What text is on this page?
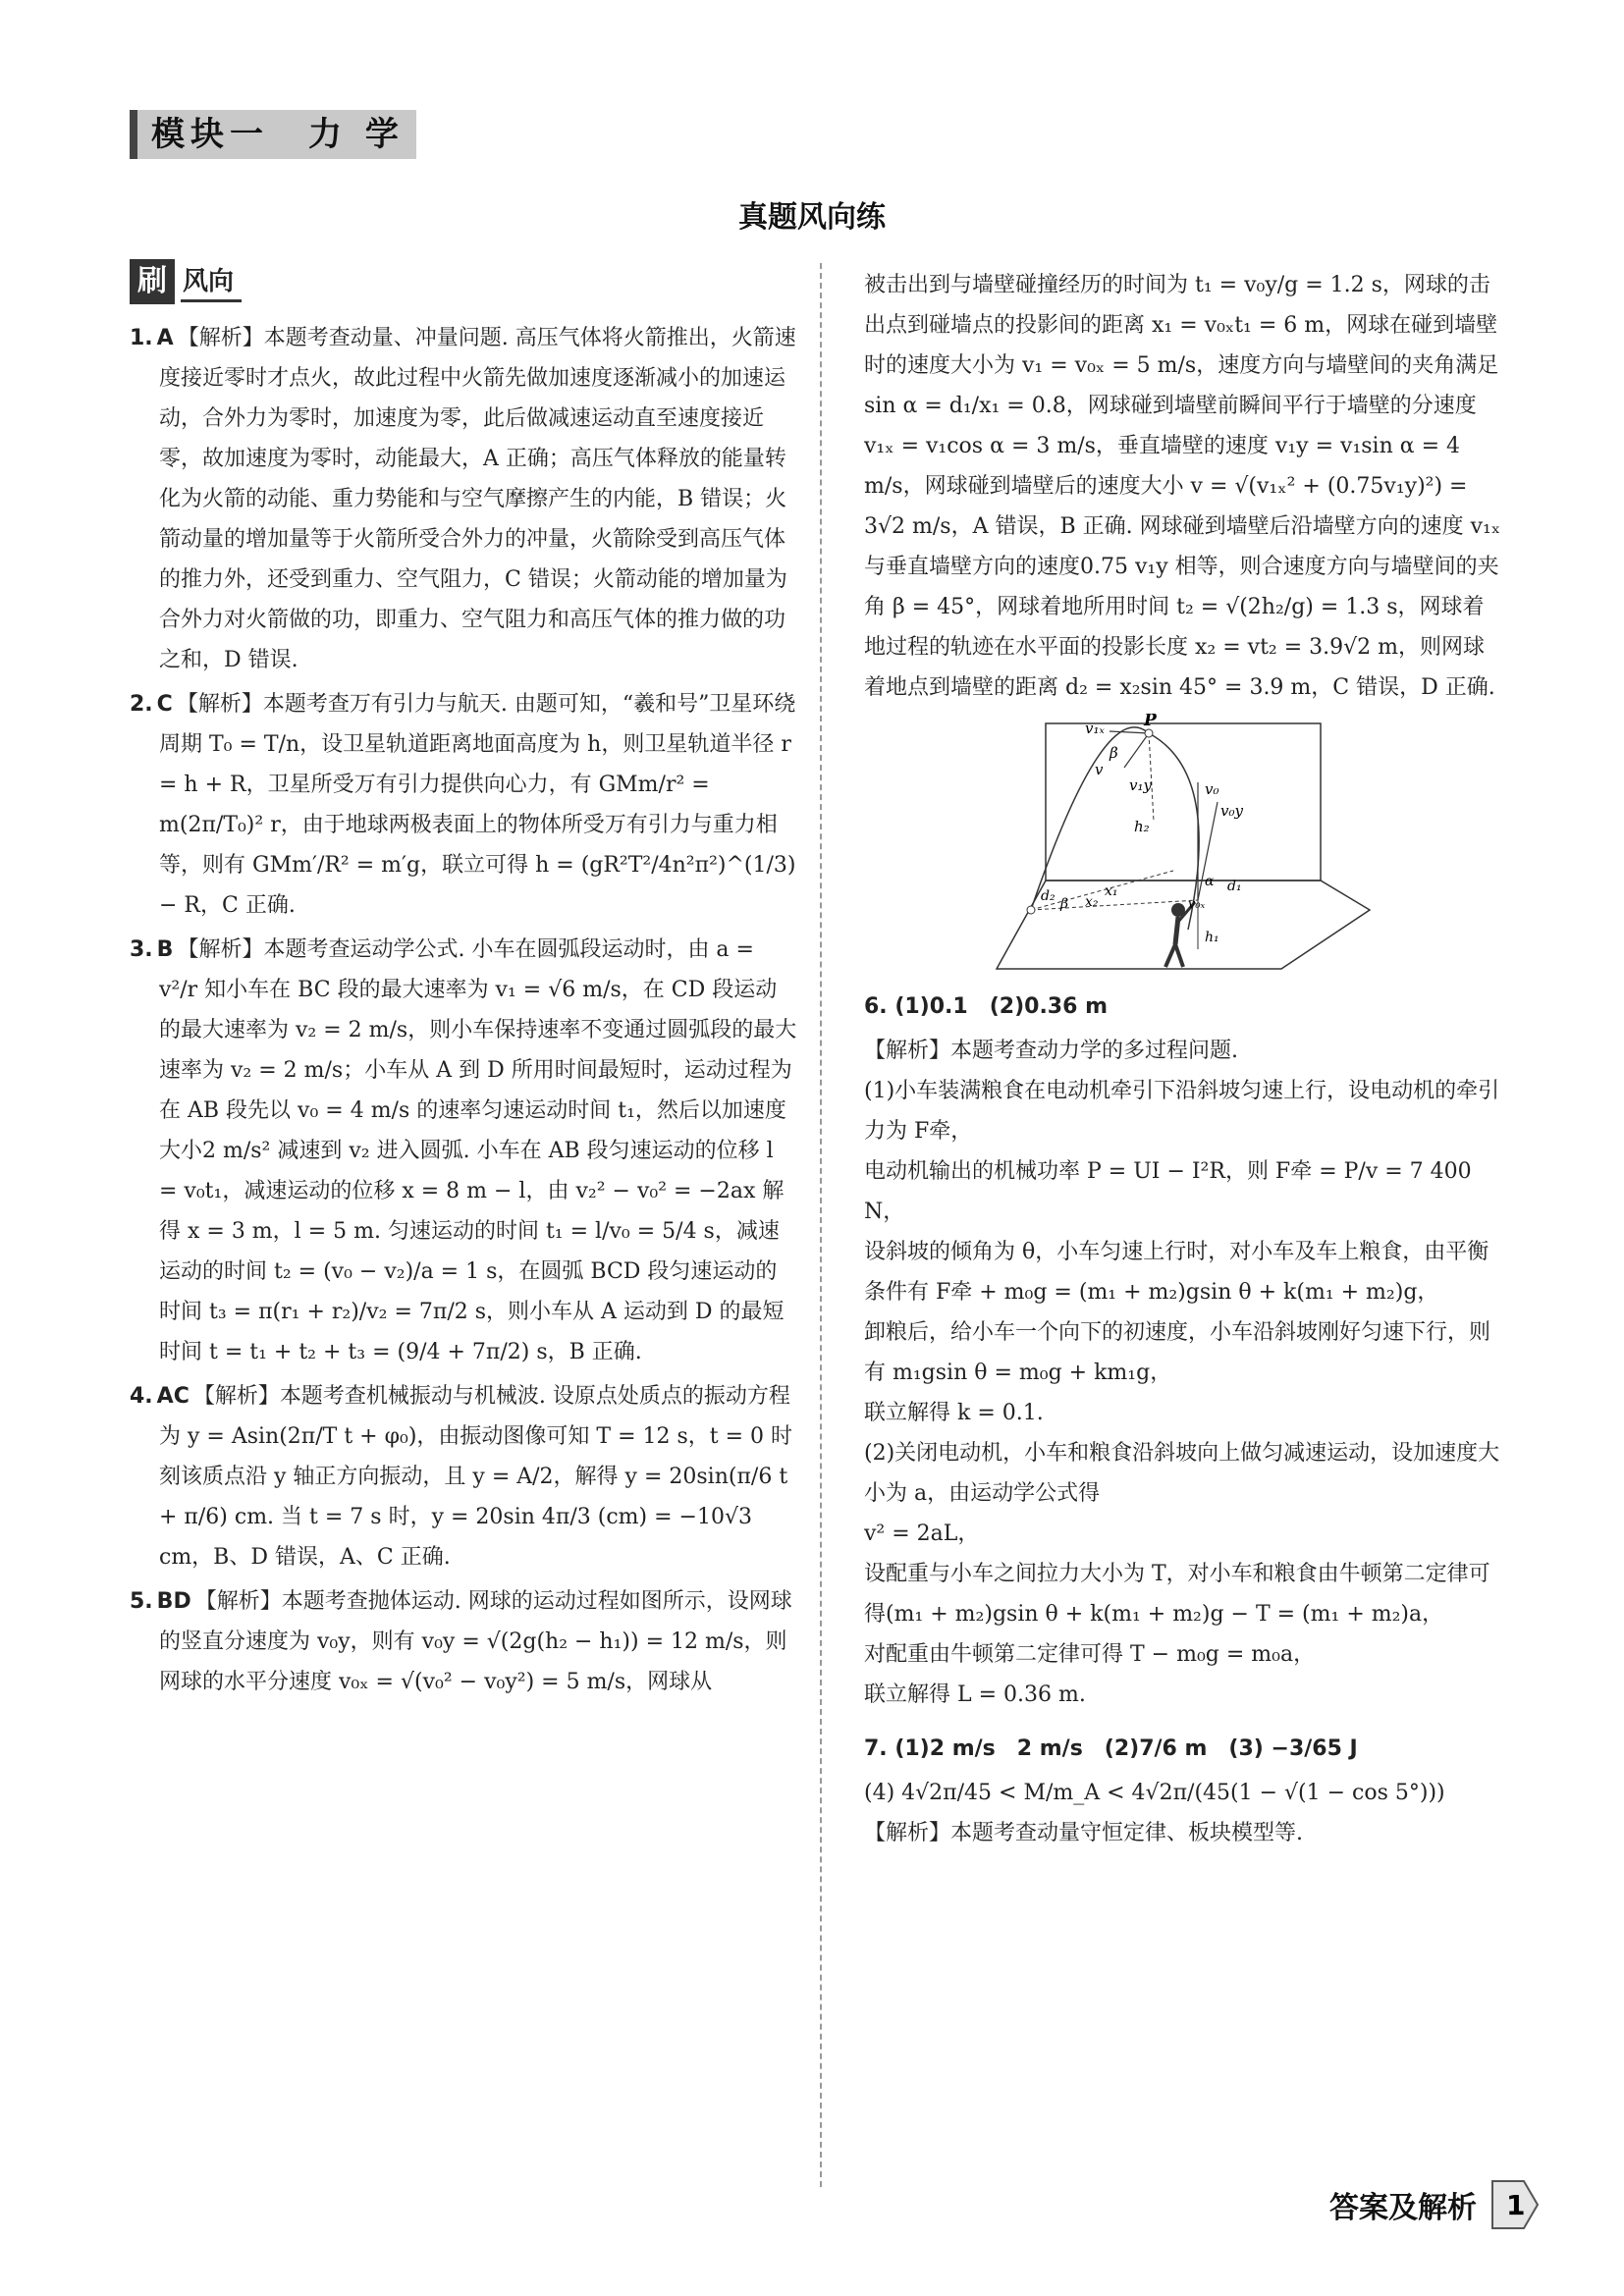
模块一　力 学
真题风向练
刷 风向
1. A 【解析】本题考查动量、冲量问题. 高压气体将火箭推出，火箭速度接近零时才点火，故此过程中火箭先做加速度逐渐减小的加速运动，合外力为零时，加速度为零，此后做减速运动直至速度接近零，故加速度为零时，动能最大，A 正确；高压气体释放的能量转化为火箭的动能、重力势能和与空气摩擦产生的内能，B 错误；火箭动量的增加量等于火箭所受合外力的冲量，火箭除受到高压气体的推力外，还受到重力、空气阻力，C 错误；火箭动能的增加量为合外力对火箭做的功，即重力、空气阻力和高压气体的推力做的功之和，D 错误.
2. C 【解析】本题考查万有引力与航天. 由题可知，“羲和号”卫星环绕周期 T₀ = T/n，设卫星轨道距离地面高度为 h，则卫星轨道半径 r = h + R，卫星所受万有引力提供向心力，有 GMm/r² = m(2π/T₀)² r，由于地球两极表面上的物体所受万有引力与重力相等，则有 GMm′/R² = m′g，联立可得 h = (gR²T²/4n²π²)^(1/3) − R，C 正确.
3. B 【解析】本题考查运动学公式. 小车在圆弧段运动时，由 a = v²/r 知小车在 BC 段的最大速率为 v₁ = √6 m/s，在 CD 段运动的最大速率为 v₂ = 2 m/s，则小车保持速率不变通过圆弧段的最大速率为 v₂ = 2 m/s；小车从 A 到 D 所用时间最短时，运动过程为在 AB 段先以 v₀ = 4 m/s 的速率匀速运动时间 t₁，然后以加速度大小2 m/s² 减速到 v₂ 进入圆弧. 小车在 AB 段匀速运动的位移 l = v₀t₁，减速运动的位移 x = 8 m − l，由 v₂² − v₀² = −2ax 解得 x = 3 m，l = 5 m. 匀速运动的时间 t₁ = l/v₀ = 5/4 s，减速运动的时间 t₂ = (v₀ − v₂)/a = 1 s，在圆弧 BCD 段匀速运动的时间 t₃ = π(r₁ + r₂)/v₂ = 7π/2 s，则小车从 A 运动到 D 的最短时间 t = t₁ + t₂ + t₃ = (9/4 + 7π/2) s，B 正确.
4. AC 【解析】本题考查机械振动与机械波. 设原点处质点的振动方程为 y = Asin(2π/T t + φ₀)，由振动图像可知 T = 12 s，t = 0 时刻该质点沿 y 轴正方向振动，且 y = A/2，解得 y = 20sin(π/6 t + π/6) cm. 当 t = 7 s 时，y = 20sin 4π/3 (cm) = −10√3 cm，B、D 错误，A、C 正确.
5. BD 【解析】本题考查抛体运动. 网球的运动过程如图所示，设网球的竖直分速度为 v₀y，则有 v₀y = √(2g(h₂ − h₁)) = 12 m/s，则网球的水平分速度 v₀ₓ = √(v₀² − v₀y²) = 5 m/s，网球从

被击出到与墙壁碰撞经历的时间为 t₁ = v₀y/g = 1.2 s，网球的击出点到碰墙点的投影间的距离 x₁ = v₀ₓt₁ = 6 m，网球在碰到墙壁时的速度大小为 v₁ = v₀ₓ = 5 m/s，速度方向与墙壁间的夹角满足 sin α = d₁/x₁ = 0.8，网球碰到墙壁前瞬间平行于墙壁的分速度 v₁ₓ = v₁cos α = 3 m/s，垂直墙壁的速度 v₁y = v₁sin α = 4 m/s，网球碰到墙壁后的速度大小 v = √(v₁ₓ² + (0.75v₁y)²) = 3√2 m/s，A 错误，B 正确. 网球碰到墙壁后沿墙壁方向的速度 v₁ₓ 与垂直墙壁方向的速度0.75 v₁y 相等，则合速度方向与墙壁间的夹角 β = 45°，网球着地所用时间 t₂ = √(2h₂/g) = 1.3 s，网球着地过程的轨迹在水平面的投影长度 x₂ = vt₂ = 3.9√2 m，则网球着地点到墙壁的距离 d₂ = x₂sin 45° = 3.9 m，C 错误，D 正确.

v₁ₓ P
β
v
v₁y	v₀
v₀y
h₂
d₂ β x₂
x₁
α d₁
v₀ₓ
h₁
6. (1)0.1　(2)0.36 m

【解析】本题考查动力学的多过程问题.

(1)小车装满粮食在电动机牵引下沿斜坡匀速上行，设电动机的牵引力为 F牵，

电动机输出的机械功率 P = UI − I²R，则 F牵 = P/v = 7 400 N，

设斜坡的倾角为 θ，小车匀速上行时，对小车及车上粮食，由平衡条件有 F牵 + m₀g = (m₁ + m₂)gsin θ + k(m₁ + m₂)g，

卸粮后，给小车一个向下的初速度，小车沿斜坡刚好匀速下行，则有 m₁gsin θ = m₀g + km₁g，

联立解得 k = 0.1.

(2)关闭电动机，小车和粮食沿斜坡向上做匀减速运动，设加速度大小为 a，由运动学公式得

v² = 2aL，

设配重与小车之间拉力大小为 T，对小车和粮食由牛顿第二定律可得(m₁ + m₂)gsin θ + k(m₁ + m₂)g − T = (m₁ + m₂)a，

对配重由牛顿第二定律可得 T − m₀g = m₀a，

联立解得 L = 0.36 m.

7. (1)2 m/s　2 m/s　(2)7/6 m　(3) −3/65 J

(4) 4√2π/45 < M/m_A < 4√2π/(45(1 − √(1 − cos 5°)))

【解析】本题考查动量守恒定律、板块模型等.

答案及解析 1
